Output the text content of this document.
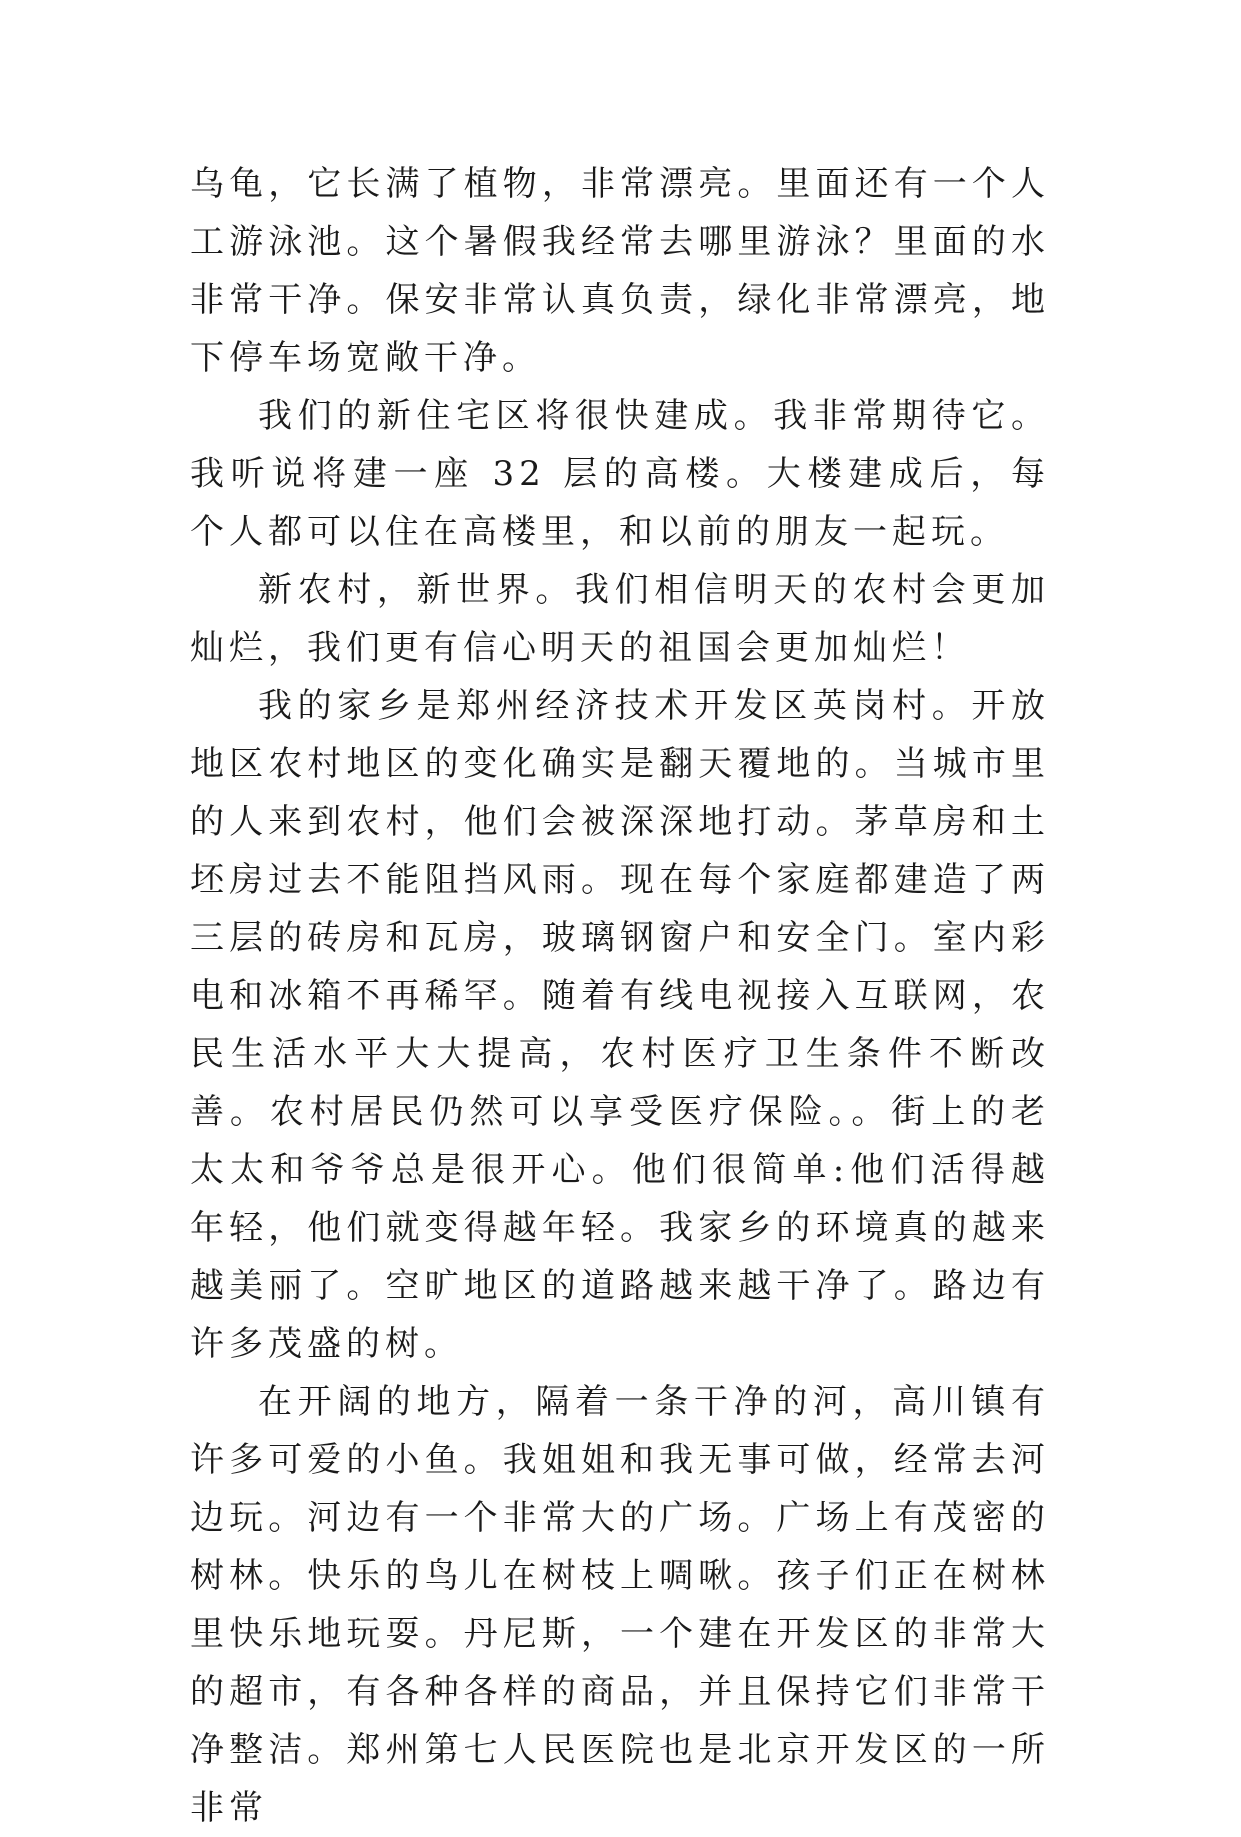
乌龟，它长满了植物，非常漂亮。里面还有一个人工游泳池。这个暑假我经常去哪里游泳？里面的水非常干净。保安非常认真负责，绿化非常漂亮，地下停车场宽敞干净。

我们的新住宅区将很快建成。我非常期待它。我听说将建一座 32 层的高楼。大楼建成后，每个人都可以住在高楼里，和以前的朋友一起玩。

新农村，新世界。我们相信明天的农村会更加灿烂，我们更有信心明天的祖国会更加灿烂！

我的家乡是郑州经济技术开发区英岗村。开放地区农村地区的变化确实是翻天覆地的。当城市里的人来到农村，他们会被深深地打动。茅草房和土坯房过去不能阻挡风雨。现在每个家庭都建造了两三层的砖房和瓦房，玻璃钢窗户和安全门。室内彩电和冰箱不再稀罕。随着有线电视接入互联网，农民生活水平大大提高，农村医疗卫生条件不断改善。农村居民仍然可以享受医疗保险。。街上的老太太和爷爷总是很开心。他们很简单:他们活得越年轻，他们就变得越年轻。我家乡的环境真的越来越美丽了。空旷地区的道路越来越干净了。路边有许多茂盛的树。

在开阔的地方，隔着一条干净的河，高川镇有许多可爱的小鱼。我姐姐和我无事可做，经常去河边玩。河边有一个非常大的广场。广场上有茂密的树林。快乐的鸟儿在树枝上啁啾。孩子们正在树林里快乐地玩耍。丹尼斯，一个建在开发区的非常大的超市，有各种各样的商品，并且保持它们非常干净整洁。郑州第七人民医院也是北京开发区的一所非常
